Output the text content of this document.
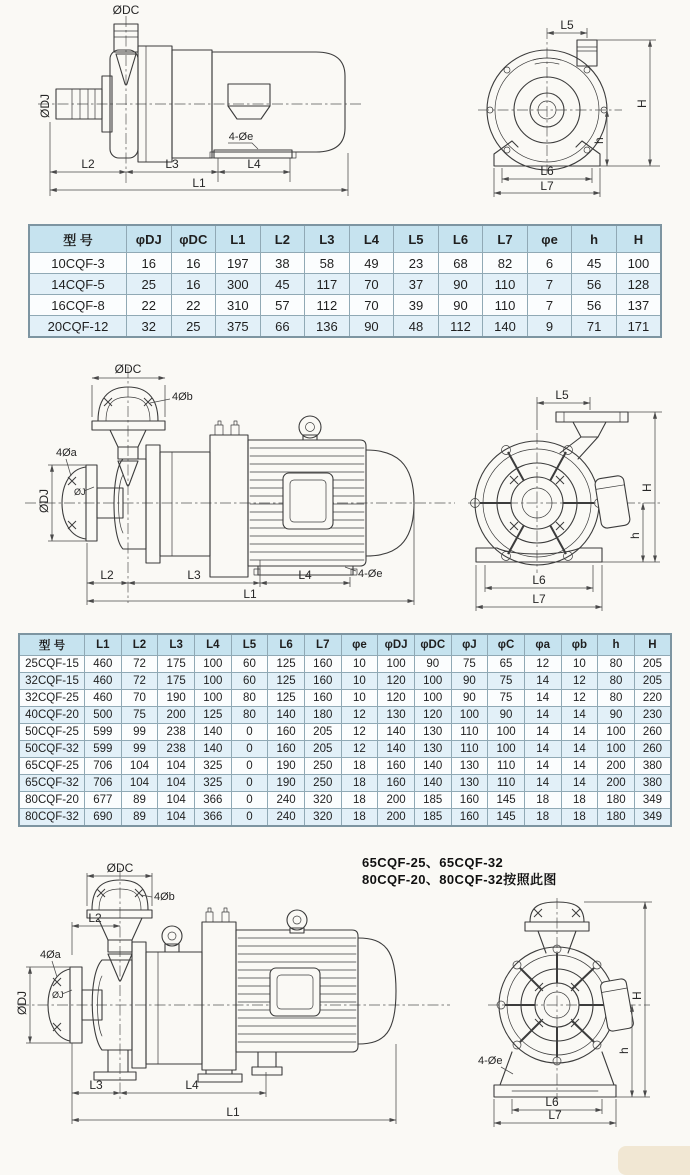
ØDC
ØDJ
4-Øe
L2	L3	L4
L1
L5
L6
L7
h
H
型 号	φDJ	φDC	L1	L2	L3	L4	L5	L6	L7	φe	h	H
10CQF-3	16	16	197	38	58	49	23	68	82	6	45	100
14CQF-5	25	16	300	45	117	70	37	90	110	7	56	128
16CQF-8	22	22	310	57	112	70	39	90	110	7	56	137
20CQF-12	32	25	375	66	136	90	48	112	140	9	71	171
ØDC
4Øb
4Øa
ØDJ	ØJ
4-Øe
L2	L3	L4
L1
L5
L6
L7
h
H
型 号	L1	L2	L3	L4	L5	L6	L7	φe	φDJ	φDC	φJ	φC	φa	φb	h	H
25CQF-15	460	72	175	100	60	125	160	10	100	90	75	65	12	10	80	205
32CQF-15	460	72	175	100	60	125	160	10	120	100	90	75	14	12	80	205
32CQF-25	460	70	190	100	80	125	160	10	120	100	90	75	14	12	80	220
40CQF-20	500	75	200	125	80	140	180	12	130	120	100	90	14	14	90	230
50CQF-25	599	99	238	140	0	160	205	12	140	130	110	100	14	14	100	260
50CQF-32	599	99	238	140	0	160	205	12	140	130	110	100	14	14	100	260
65CQF-25	706	104	104	325	0	190	250	18	160	140	130	110	14	14	200	380
65CQF-32	706	104	104	325	0	190	250	18	160	140	130	110	14	14	200	380
80CQF-20	677	89	104	366	0	240	320	18	200	185	160	145	18	18	180	349
80CQF-32	690	89	104	366	0	240	320	18	200	185	160	145	18	18	180	349
65CQF-25、65CQF-32
80CQF-20、80CQF-32按照此图
ØDC
4Øb
L2
4Øa
ØDJ	ØJ
L3	L4
L1
4-Øe
L6
L7
h
H
